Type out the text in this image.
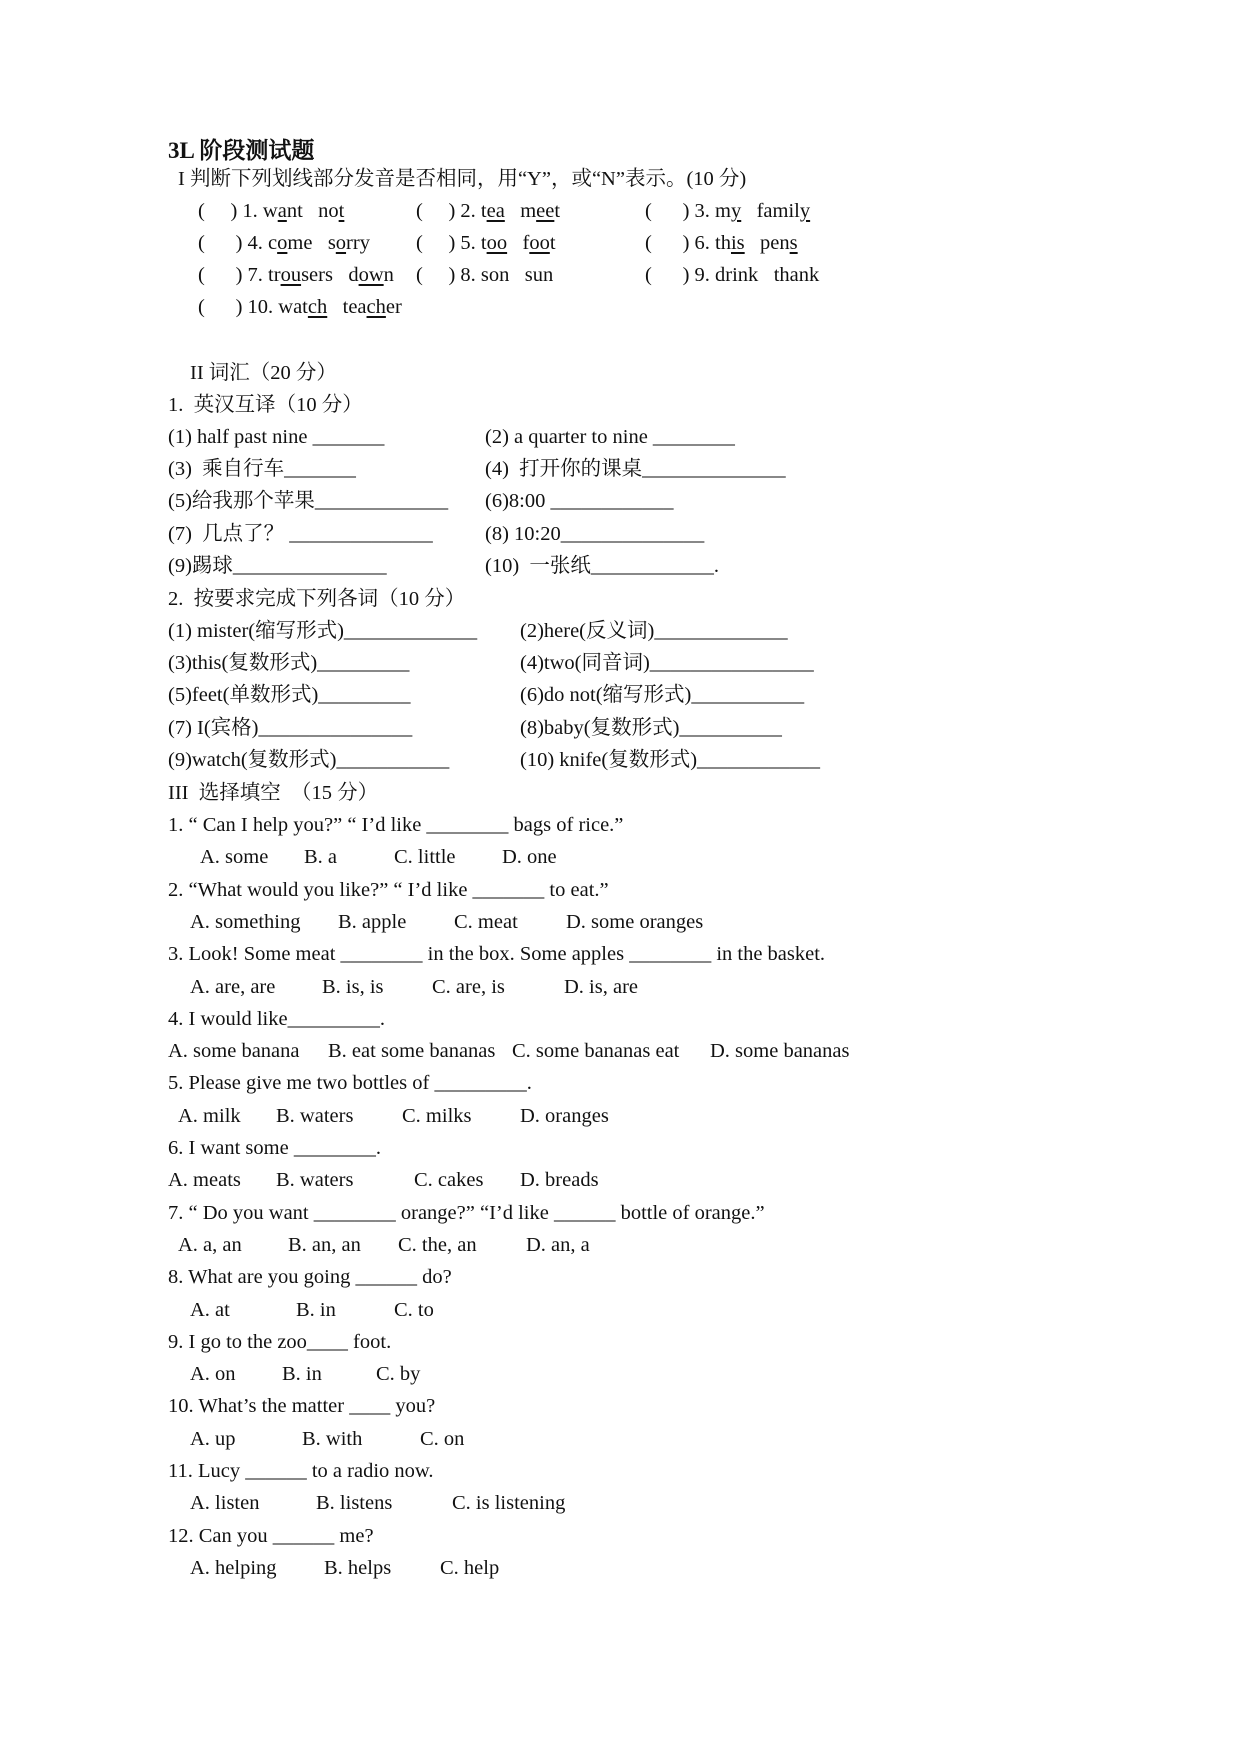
3L 阶段测试题
I 判断下列划线部分发音是否相同，用“Y”，或“N”表示。(10 分)
(     ) 1. want not	(     ) 2. tea meet	(      ) 3. my family
(      ) 4. come sorry (     ) 5. too foot	(      ) 6. this pens
(      ) 7. trousers down (     ) 8. son sun	(      ) 9. drink thank
(      ) 10. watch teacher
II 词汇（20 分）
1.  英汉互译（10 分）
(1) half past nine _______	(2) a quarter to nine ________
(3)  乘自行车_______	(4)  打开你的课桌______________
(5)给我那个苹果_____________ (6)8:00 ____________
(7)  几点了？ ______________	(8) 10:20______________
(9)踢球_______________	(10)  一张纸____________.
2.  按要求完成下列各词（10 分）
(1) mister(缩写形式)_____________ (2)here(反义词)_____________
(3)this(复数形式)_________	(4)two(同音词)________________
(5)feet(单数形式)_________	(6)do not(缩写形式)___________
(7) I(宾格)_______________	(8)baby(复数形式)__________
(9)watch(复数形式)___________	(10) knife(复数形式)____________
III  选择填空  （15 分）
1. “ Can I help you?” “ I’d like ________ bags of rice.”
A. some B. a	C. little D. one
2. “What would you like?” “ I’d like _______ to eat.”
A. something B. apple C. meat D. some oranges
3. Look! Some meat ________ in the box. Some apples ________ in the basket.
A. are, are B. is, is C. are, is	D. is, are
4. I would like_________.
A. some banana B. eat some bananas C. some bananas eat D. some bananas
5. Please give me two bottles of _________.
A. milk B. waters C. milks D. oranges
6. I want some ________.
A. meats B. waters	C. cakes D. breads
7. “ Do you want ________ orange?” “I’d like ______ bottle of orange.”
A. a, an B. an, an C. the, an D. an, a
8. What are you going ______ do?
A. at	B. in	C. to
9. I go to the zoo____ foot.
A. on B. in	C. by
10. What’s the matter ____ you?
A. up	B. with	C. on
11. Lucy ______ to a radio now.
A. listen	B. listens	C. is listening
12. Can you ______ me?
A. helping B. helps C. help
